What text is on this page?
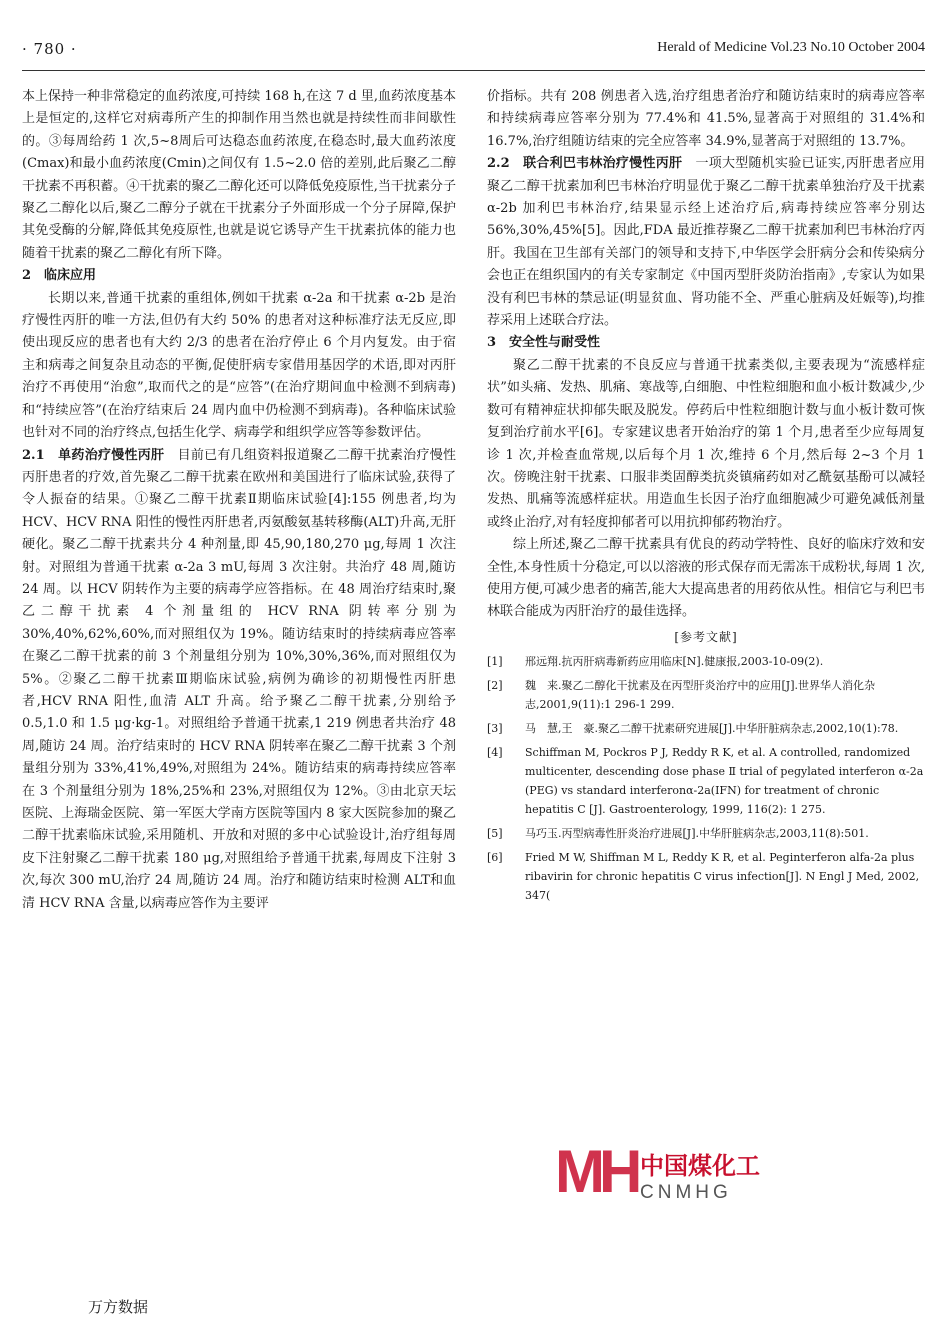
· 780 ·	Herald of Medicine Vol.23 No.10 October 2004

本上保持一种非常稳定的血药浓度,可持续 168 h,在这 7 d 里,血药浓度基本上是恒定的,这样它对病毒所产生的抑制作用当然也就是持续性而非间歇性的。③每周给药 1 次,5~8周后可达稳态血药浓度,在稳态时,最大血药浓度(Cmax)和最小血药浓度(Cmin)之间仅有 1.5~2.0 倍的差别,此后聚乙二醇干扰素不再积蓄。④干扰素的聚乙二醇化还可以降低免疫原性,当干扰素分子聚乙二醇化以后,聚乙二醇分子就在干扰素分子外面形成一个分子屏障,保护其免受酶的分解,降低其免疫原性,也就是说它诱导产生干扰素抗体的能力也随着干扰素的聚乙二醇化有所下降。

2　临床应用

长期以来,普通干扰素的重组体,例如干扰素 α-2a 和干扰素 α-2b 是治疗慢性丙肝的唯一方法,但仍有大约 50% 的患者对这种标准疗法无反应,即使出现反应的患者也有大约 2/3 的患者在治疗停止 6 个月内复发。由于宿主和病毒之间复杂且动态的平衡,促使肝病专家借用基因学的术语,即对丙肝治疗不再使用“治愈”,取而代之的是“应答”(在治疗期间血中检测不到病毒)和“持续应答”(在治疗结束后 24 周内血中仍检测不到病毒)。各种临床试验也针对不同的治疗终点,包括生化学、病毒学和组织学应答等参数评估。

2.1　单药治疗慢性丙肝　 目前已有几组资料报道聚乙二醇干扰素治疗慢性丙肝患者的疗效,首先聚乙二醇干扰素在欧州和美国进行了临床试验,获得了令人振奋的结果。①聚乙二醇干扰素Ⅱ期临床试验[4]:155 例患者,均为 HCV、HCV RNA 阳性的慢性丙肝患者,丙氨酸氨基转移酶(ALT)升高,无肝硬化。聚乙二醇干扰素共分 4 种剂量,即 45,90,180,270 μg,每周 1 次注射。对照组为普通干扰素 α-2a 3 mU,每周 3 次注射。共治疗 48 周,随访 24 周。以 HCV 阴转作为主要的病毒学应答指标。在 48 周治疗结束时,聚乙二醇干扰素 4 个剂量组的 HCV RNA 阴转率分别为 30%,40%,62%,60%,而对照组仅为 19%。随访结束时的持续病毒应答率在聚乙二醇干扰素的前 3 个剂量组分别为 10%,30%,36%,而对照组仅为 5%。②聚乙二醇干扰素Ⅲ期临床试验,病例为确诊的初期慢性丙肝患者,HCV RNA 阳性,血清 ALT 升高。给予聚乙二醇干扰素,分别给予 0.5,1.0 和 1.5 μg·kg-1。对照组给予普通干扰素,1 219 例患者共治疗 48 周,随访 24 周。治疗结束时的 HCV RNA 阴转率在聚乙二醇干扰素 3 个剂量组分别为 33%,41%,49%,对照组为 24%。随访结束的病毒持续应答率在 3 个剂量组分别为 18%,25%和 23%,对照组仅为 12%。③由北京天坛医院、上海瑞金医院、第一军医大学南方医院等国内 8 家大医院参加的聚乙二醇干扰素临床试验,采用随机、开放和对照的多中心试验设计,治疗组每周皮下注射聚乙二醇干扰素 180 μg,对照组给予普通干扰素,每周皮下注射 3 次,每次 300 mU,治疗 24 周,随访 24 周。治疗和随访结束时检测 ALT和血清 HCV RNA 含量,以病毒应答作为主要评

价指标。共有 208 例患者入选,治疗组患者治疗和随访结束时的病毒应答率和持续病毒应答率分别为 77.4%和 41.5%,显著高于对照组的 31.4%和 16.7%,治疗组随访结束的完全应答率 34.9%,显著高于对照组的 13.7%。

2.2　联合利巴韦林治疗慢性丙肝　 一项大型随机实验已证实,丙肝患者应用聚乙二醇干扰素加利巴韦林治疗明显优于聚乙二醇干扰素单独治疗及干扰素 α-2b 加利巴韦林治疗,结果显示经上述治疗后,病毒持续应答率分别达 56%,30%,45%[5]。因此,FDA 最近推荐聚乙二醇干扰素加利巴韦林治疗丙肝。我国在卫生部有关部门的领导和支持下,中华医学会肝病分会和传染病分会也正在组织国内的有关专家制定《中国丙型肝炎防治指南》,专家认为如果没有利巴韦林的禁忌证(明显贫血、肾功能不全、严重心脏病及妊娠等),均推荐采用上述联合疗法。

3　安全性与耐受性

聚乙二醇干扰素的不良反应与普通干扰素类似,主要表现为“流感样症状”如头痛、发热、肌痛、寒战等,白细胞、中性粒细胞和血小板计数减少,少数可有精神症状抑郁失眠及脱发。停药后中性粒细胞计数与血小板计数可恢复到治疗前水平[6]。专家建议患者开始治疗的第 1 个月,患者至少应每周复诊 1 次,并检查血常规,以后每个月 1 次,维持 6 个月,然后每 2~3 个月 1 次。傍晚注射干扰素、口服非类固醇类抗炎镇痛药如对乙酰氨基酚可以减轻发热、肌痛等流感样症状。用造血生长因子治疗血细胞减少可避免减低剂量或终止治疗,对有轻度抑郁者可以用抗抑郁药物治疗。

综上所述,聚乙二醇干扰素具有优良的药动学特性、良好的临床疗效和安全性,本身性质十分稳定,可以以溶液的形式保存而无需冻干成粉状,每周 1 次,使用方便,可减少患者的痛苦,能大大提高患者的用药依从性。相信它与利巴韦林联合能成为丙肝治疗的最佳选择。

[参考文献]
[1] 邢远翔.抗丙肝病毒新药应用临床[N].健康报,2003-10-09(2).
[2] 魏　来.聚乙二醇化干扰素及在丙型肝炎治疗中的应用[J].世界华人消化杂志,2001,9(11):1 296-1 299.
[3] 马　慧,王　豪.聚乙二醇干扰素研究进展[J].中华肝脏病杂志,2002,10(1):78.
[4] Schiffman M, Pockros P J, Reddy R K, et al. A controlled, randomized multicenter, descending dose phase Ⅱ trial of pegylated interferon α-2a (PEG) vs standard interferonα-2a(IFN) for treatment of chronic hepatitis C [J]. Gastroenterology, 1999, 116(2): 1 275.
[5] 马巧玉.丙型病毒性肝炎治疗进展[J].中华肝脏病杂志,2003,11(8):501.
[6] Fried M W, Shiffman M L, Reddy K R, et al. Peginterferon alfa-2a plus ribavirin for chronic hepatitis C virus infection[J]. N Engl J Med, 2002, 347(
MH 中国煤化工
CNMHG
万方数据
